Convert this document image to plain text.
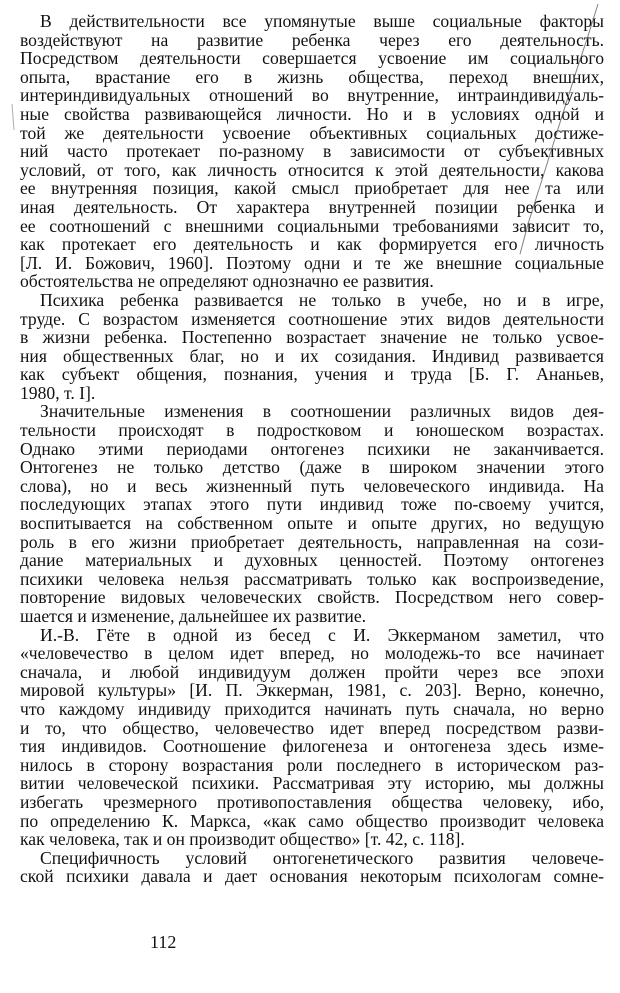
В действительности все упомянутые выше социальные факторы
воздействуют на развитие ребенка через его деятельность.
Посредством деятельности совершается усвоение им социального
опыта, врастание его в жизнь общества, переход внешних,
интериндивидуальных отношений во внутренние, интраиндивидуаль-
ные свойства развивающейся личности. Но и в условиях одной и
той же деятельности усвоение объективных социальных достиже-
ний часто протекает по-разному в зависимости от субъективных
условий, от того, как личность относится к этой деятельности, какова
ее внутренняя позиция, какой смысл приобретает для нее та или
иная деятельность. От характера внутренней позиции ребенка и
ее соотношений с внешними социальными требованиями зависит то,
как протекает его деятельность и как формируется его личность
[Л. И. Божович, 1960]. Поэтому одни и те же внешние социальные
обстоятельства не определяют однозначно ее развития.
Психика ребенка развивается не только в учебе, но и в игре,
труде. С возрастом изменяется соотношение этих видов деятельности
в жизни ребенка. Постепенно возрастает значение не только усвое-
ния общественных благ, но и их созидания. Индивид развивается
как субъект общения, познания, учения и труда [Б. Г. Ананьев,
1980, т. I].
Значительные изменения в соотношении различных видов дея-
тельности происходят в подростковом и юношеском возрастах.
Однако этими периодами онтогенез психики не заканчивается.
Онтогенез не только детство (даже в широком значении этого
слова), но и весь жизненный путь человеческого индивида. На
последующих этапах этого пути индивид тоже по-своему учится,
воспитывается на собственном опыте и опыте других, но ведущую
роль в его жизни приобретает деятельность, направленная на сози-
дание материальных и духовных ценностей. Поэтому онтогенез
психики человека нельзя рассматривать только как воспроизведение,
повторение видовых человеческих свойств. Посредством него совер-
шается и изменение, дальнейшее их развитие.
И.-В. Гёте в одной из бесед с И. Эккерманом заметил, что
«человечество в целом идет вперед, но молодежь-то все начинает
сначала, и любой индивидуум должен пройти через все эпохи
мировой культуры» [И. П. Эккерман, 1981, с. 203]. Верно, конечно,
что каждому индивиду приходится начинать путь сначала, но верно
и то, что общество, человечество идет вперед посредством разви-
тия индивидов. Соотношение филогенеза и онтогенеза здесь изме-
нилось в сторону возрастания роли последнего в историческом раз-
витии человеческой психики. Рассматривая эту историю, мы должны
избегать чрезмерного противопоставления общества человеку, ибо,
по определению К. Маркса, «как само общество производит человека
как человека, так и он производит общество» [т. 42, с. 118].
Специфичность условий онтогенетического развития человече-
ской психики давала и дает основания некоторым психологам сомне-
112
